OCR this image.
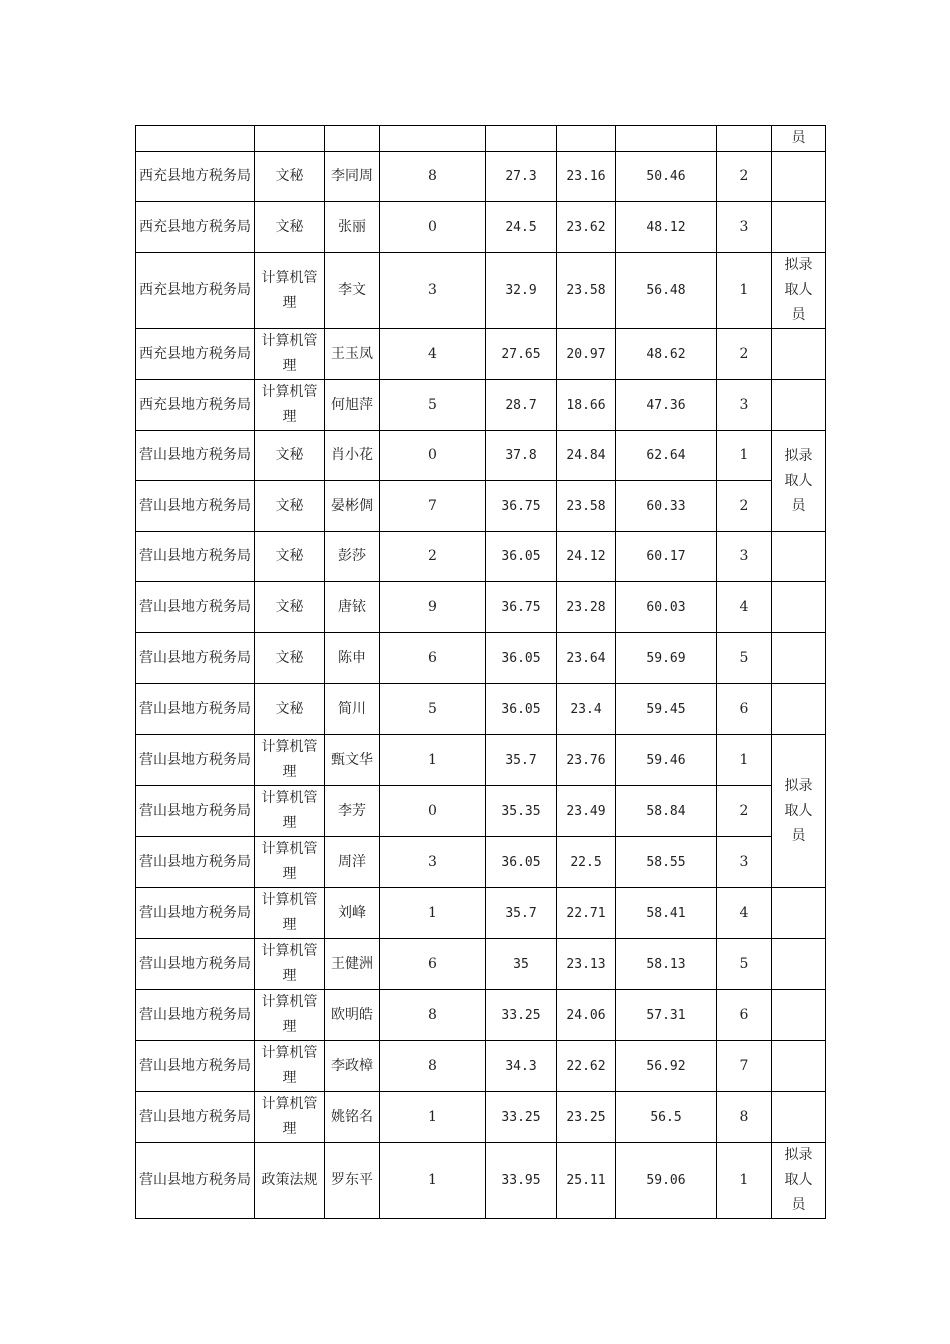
								员
西充县地方税务局	文秘	李同周	8	27.3	23.16	50.46	2	
西充县地方税务局	文秘	张丽	0	24.5	23.62	48.12	3	
西充县地方税务局	计算机管理	李文	3	32.9	23.58	56.48	1	拟录取人员
西充县地方税务局	计算机管理	王玉凤	4	27.65	20.97	48.62	2	
西充县地方税务局	计算机管理	何旭萍	5	28.7	18.66	47.36	3	
营山县地方税务局	文秘	肖小花	0	37.8	24.84	62.64	1	拟录取人员
营山县地方税务局	文秘	晏彬倜	7	36.75	23.58	60.33	2	
营山县地方税务局	文秘	彭莎	2	36.05	24.12	60.17	3	
营山县地方税务局	文秘	唐铱	9	36.75	23.28	60.03	4	
营山县地方税务局	文秘	陈申	6	36.05	23.64	59.69	5	
营山县地方税务局	文秘	简川	5	36.05	23.4	59.45	6	
营山县地方税务局	计算机管理	甄文华	1	35.7	23.76	59.46	1	拟录取人员
营山县地方税务局	计算机管理	李芳	0	35.35	23.49	58.84	2	
营山县地方税务局	计算机管理	周洋	3	36.05	22.5	58.55	3	
营山县地方税务局	计算机管理	刘峰	1	35.7	22.71	58.41	4	
营山县地方税务局	计算机管理	王健洲	6	35	23.13	58.13	5	
营山县地方税务局	计算机管理	欧明皓	8	33.25	24.06	57.31	6	
营山县地方税务局	计算机管理	李政樟	8	34.3	22.62	56.92	7	
营山县地方税务局	计算机管理	姚铭名	1	33.25	23.25	56.5	8	
营山县地方税务局	政策法规	罗东平	1	33.95	25.11	59.06	1	拟录取人员
